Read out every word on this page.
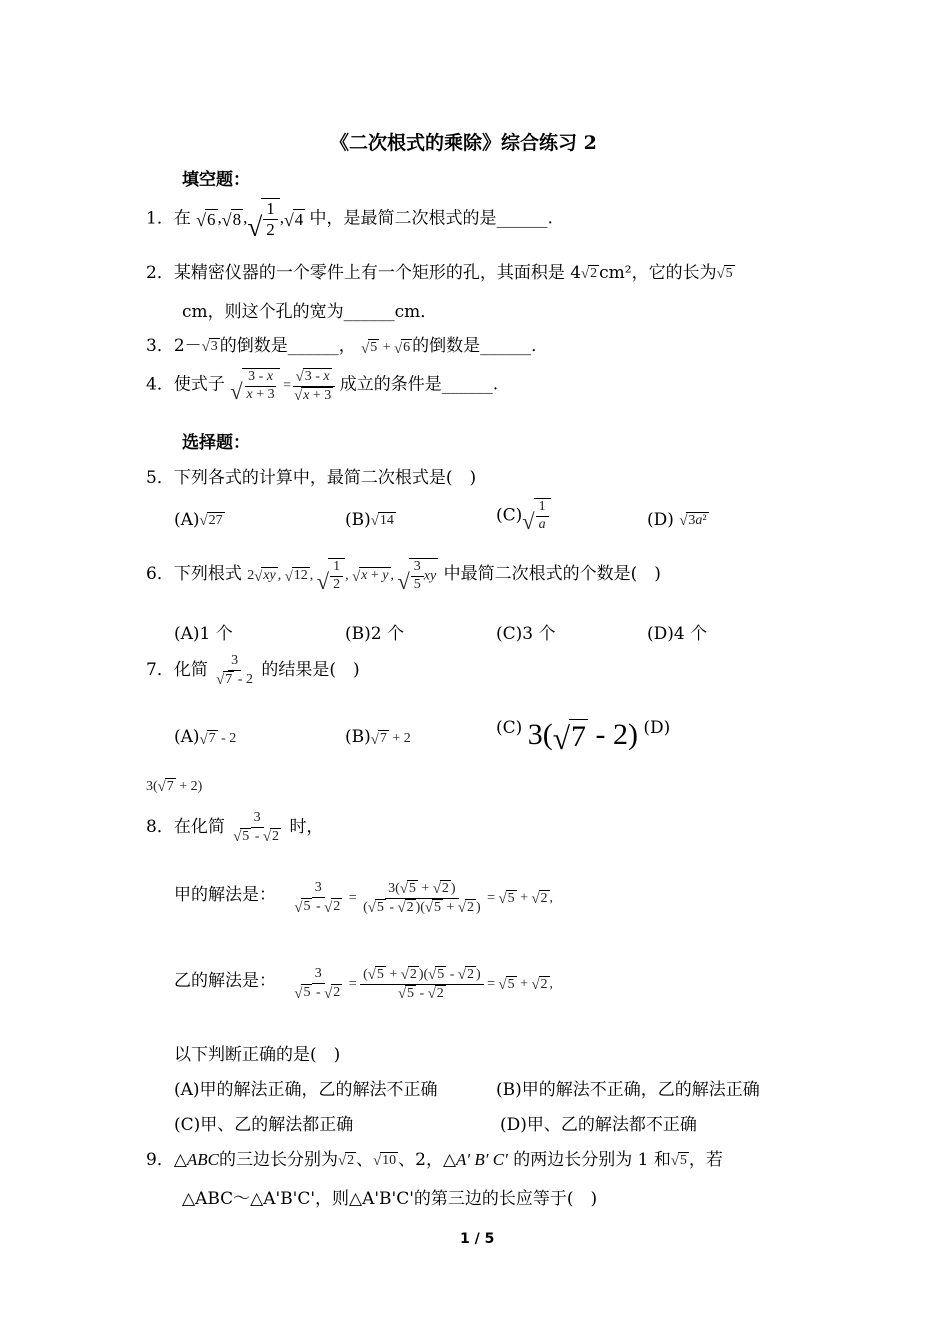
《二次根式的乘除》综合练习 2
填空题：
1．在 √ 6 , √ 8 , √ $\frac{1}{2}$ , √ 4 中，是最简二次根式的是______.
2．某精密仪器的一个零件上有一个矩形的孔，其面积是 4 √ 2 cm²，它的长为 √ 5
cm，则这个孔的宽为______cm．
3．2－ √ 3 的倒数是______， √ 5 + √ 6 的倒数是______．
4．使式子 √ $\frac{3 - x}{x + 3} = \frac{√ 3 - x}{√ x + 3}$ 成立的条件是______.
选择题：
5．下列各式的计算中，最简二次根式是(　)
(A) √ 27	(B) √ 14	(C) √ $\frac{1}{a}$	(D) √ 3a²
6．下列根式 2 √ xy , √ 12 , √ $\frac{1}{2}$ , √ x + y , √ $\frac{3}{5}$ xy 中最简二次根式的个数是(　)
(A)1 个	(B)2 个	(C)3 个	(D)4 个
7．化简 $\frac{3}{√ 7 - 2}$ 的结果是(　)
(A) √ 7 - 2	(B) √ 7 + 2
(C) 3( √ 7 - 2) (D)
3( √ 7 + 2)
8．在化简 $\frac{3}{√ 5 - √ 2}$ 时，
甲的解法是： $\frac{3}{√ 5 - √ 2} = \frac{3( √ 5 + √ 2 )}{( √ 5 - √ 2 )( √ 5 + √ 2 )}$ = √ 5 + √ 2 ,
乙的解法是： $\frac{3}{√ 5 - √ 2} = \frac{( √ 5 + √ 2 )( √ 5 - √ 2 )}{√ 5 - √ 2}$ = √ 5 + √ 2 ,
以下判断正确的是(　)
(A)甲的解法正确，乙的解法不正确	(B)甲的解法不正确，乙的解法正确
(C)甲、乙的解法都正确	(D)甲、乙的解法都不正确
9．△ABC的三边长分别为 √ 2 、 √ 10 、2，△A′ B′ C′ 的两边长分别为 1 和 √ 5 ，若
△ABC～△A'B'C'，则△A'B'C'的第三边的长应等于(　)
1 / 5
